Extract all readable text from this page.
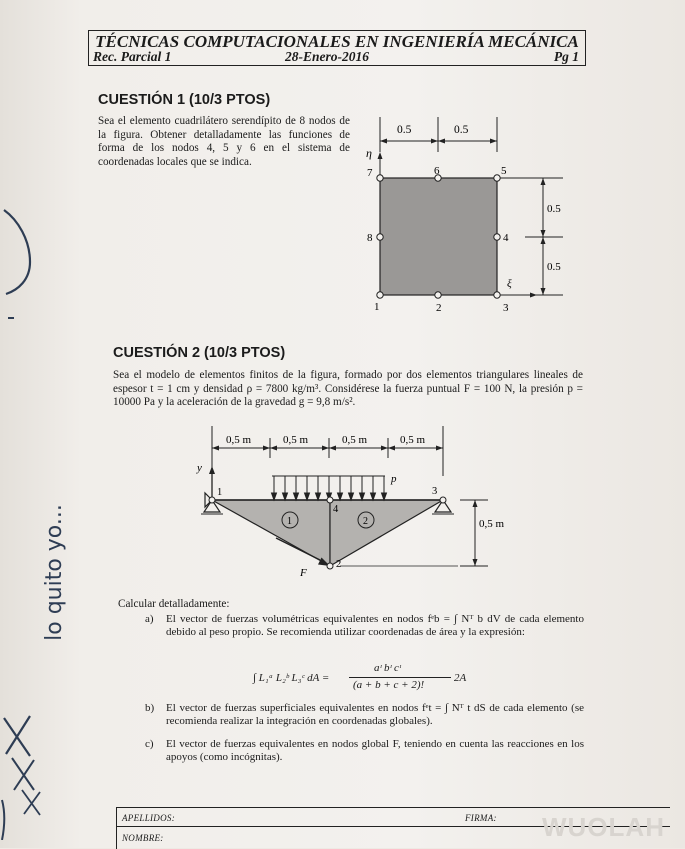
TÉCNICAS COMPUTACIONALES EN INGENIERÍA MECÁNICA
Rec. Parcial 1	28-Enero-2016	Pg 1
CUESTIÓN 1 (10/3 PTOS)
Sea el elemento cuadrilátero serendípito de 8 nodos de la figura. Obtener detalladamente las funciones de forma de los nodos 4, 5 y 6 en el sistema de coordenadas locales que se indica.
0.5	0.5
η
ξ
0.5
0.5
1	2	3
4
5
6
7
8
CUESTIÓN 2 (10/3 PTOS)
Sea el modelo de elementos finitos de la figura, formado por dos elementos triangulares lineales de espesor t = 1 cm y densidad ρ = 7800 kg/m³. Considérese la fuerza puntual F = 100 N, la presión p = 10000 Pa y la aceleración de la gravedad g = 9,8 m/s².
0,5 m	0,5 m	0,5 m	0,5 m
y
p
F
1
2
3
4
1	2	0,5 m
Calcular detalladamente:
a) El vector de fuerzas volumétricas equivalentes en nodos fᵉb = ∫ Nᵀ b dV de cada elemento debido al peso propio. Se recomienda utilizar coordenadas de área y la expresión:
∫ L₁ᵃ L₂ᵇ L₃ᶜ dA =
aᶦ bᶦ cᶦ
(a + b + c + 2)!
2A
b) El vector de fuerzas superficiales equivalentes en nodos fᵉt = ∫ Nᵀ t dS de cada elemento (se recomienda realizar la integración en coordenadas globales).
c) El vector de fuerzas equivalentes en nodos global F, teniendo en cuenta las reacciones en los apoyos (como incógnitas).
APELLIDOS:	FIRMA:
NOMBRE:
lo quito yo...
WUOLAH
